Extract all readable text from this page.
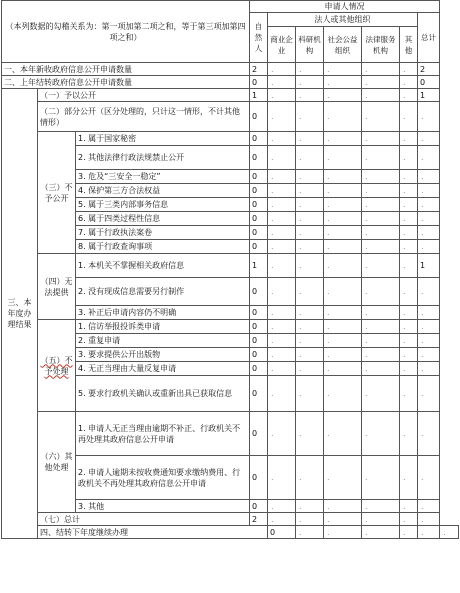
（本列数据的勾稽关系为：第一项加第二项之和，等于第三项加第四项之和）			申请人情况							
			自然人	法人或其他组织					总计	
				商业企业	科研机构	社会公益组织	法律服务机构	其他		
一、本年新收政府信息公开申请数量			2	.	.	.	.	.	2	
二、上年结转政府信息公开申请数量			0	.	.	.	.	.	0	
三、本年度办理结果	（一）予以公开		1	.	.	.	.	.	1	
	（二）部分公开（区分处理的，只计这一情形，不计其他情形）		0	.	.	.	.	.	.	
	（三）不予公开	1. 属于国家秘密	0	.	.	.	.	.	.	
		2. 其他法律行政法规禁止公开	0	.	.	.	.	.	.	
		3. 危及“三安全一稳定”	0	.	.	.	.	.	.	
		4. 保护第三方合法权益	0	.	.	.	.	.	.	
		5. 属于三类内部事务信息	0	.	.	.	.	.	.	
		6. 属于四类过程性信息	0	.	.	.	.	.	.	
		7. 属于行政执法案卷	0	.	.	.	.	.	.	
		8. 属于行政查询事项	0	.	.	.	.	.	.	
	（四）无法提供	1. 本机关不掌握相关政府信息	1	.	.	.	.	.	1	
		2. 没有现成信息需要另行制作	0	.	.	.	.	.	.	
		3. 补正后申请内容仍不明确	0	.	.	.	.	.	.	
	（五）不予处理	1. 信访举报投诉类申请	0	.	.	.	.	.	.	
		2. 重复申请	0	.	.	.	.	.	.	
		3. 要求提供公开出版物	0	.	.	.	.	.	.	
		4. 无正当理由大量反复申请	0	.	.	.	.	.	.	
		5. 要求行政机关确认或重新出具已获取信息	0	.	.	.	.	.	.	
	（六）其他处理	1. 申请人无正当理由逾期不补正、行政机关不再处理其政府信息公开申请	0	.	.	.	.	.	.	
		2. 申请人逾期未按收费通知要求缴纳费用、行政机关不再处理其政府信息公开申请	0	.	.	.	.	.	.	
		3. 其他	0	.	.	.	.	.	.	
	（七）总计		2	.	.	.	.	.	.	
	四、结转下年度继续办理			0	.	.	.	.	.	.
